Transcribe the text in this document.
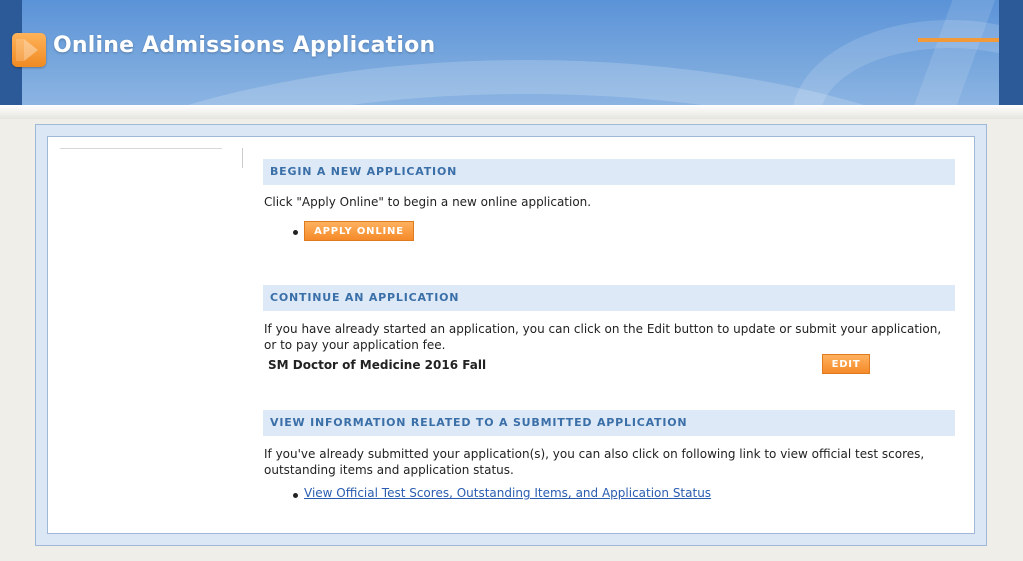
Online Admissions Application
BEGIN A NEW APPLICATION
Click "Apply Online" to begin a new online application.
APPLY ONLINE
CONTINUE AN APPLICATION
If you have already started an application, you can click on the Edit button to update or submit your application,
or to pay your application fee.
SM Doctor of Medicine 2016 Fall	EDIT
VIEW INFORMATION RELATED TO A SUBMITTED APPLICATION
If you've already submitted your application(s), you can also click on following link to view official test scores,
outstanding items and application status.
View Official Test Scores, Outstanding Items, and Application Status
